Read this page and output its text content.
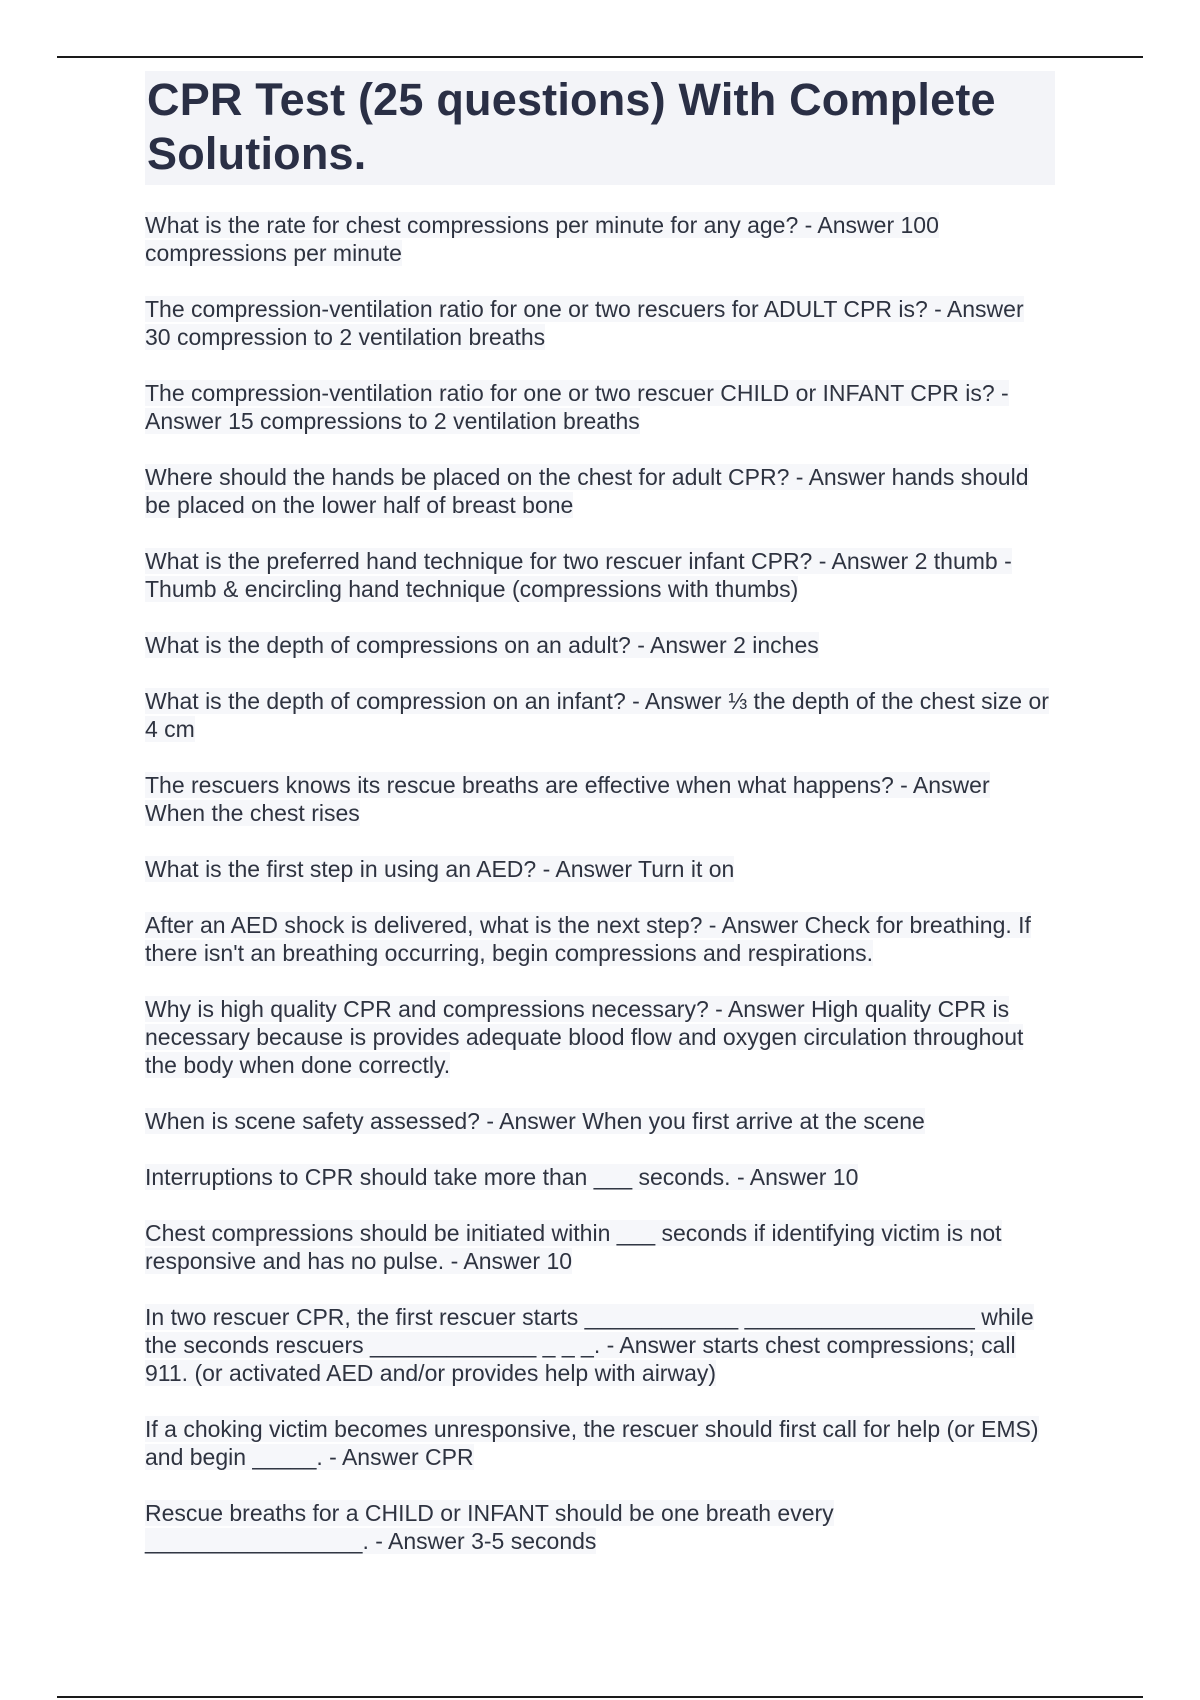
CPR Test (25 questions) With Complete Solutions.

What is the rate for chest compressions per minute for any age? - Answer 100 compressions per minute

The compression-ventilation ratio for one or two rescuers for ADULT CPR is? - Answer 30 compression to 2 ventilation breaths

The compression-ventilation ratio for one or two rescuer CHILD or INFANT CPR is? - Answer 15 compressions to 2 ventilation breaths

Where should the hands be placed on the chest for adult CPR? - Answer hands should be placed on the lower half of breast bone

What is the preferred hand technique for two rescuer infant CPR? - Answer 2 thumb - Thumb & encircling hand technique (compressions with thumbs)

What is the depth of compressions on an adult? - Answer 2 inches

What is the depth of compression on an infant? - Answer ⅓ the depth of the chest size or 4 cm

The rescuers knows its rescue breaths are effective when what happens? - Answer When the chest rises

What is the first step in using an AED? - Answer Turn it on

After an AED shock is delivered, what is the next step? - Answer Check for breathing. If there isn't an breathing occurring, begin compressions and respirations.

Why is high quality CPR and compressions necessary? - Answer High quality CPR is necessary because is provides adequate blood flow and oxygen circulation throughout the body when done correctly.

When is scene safety assessed? - Answer When you first arrive at the scene

Interruptions to CPR should take more than ___ seconds. - Answer 10

Chest compressions should be initiated within ___ seconds if identifying victim is not responsive and has no pulse. - Answer 10

In two rescuer CPR, the first rescuer starts ____________ __________________ while the seconds rescuers _____________ _ _ _. - Answer starts chest compressions; call 911. (or activated AED and/or provides help with airway)

If a choking victim becomes unresponsive, the rescuer should first call for help (or EMS) and begin _____. - Answer CPR

Rescue breaths for a CHILD or INFANT should be one breath every _________________. - Answer 3-5 seconds
